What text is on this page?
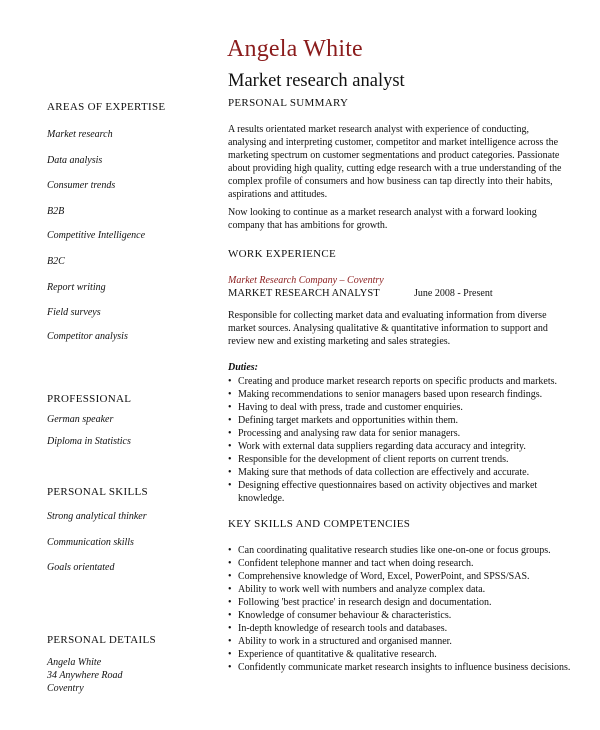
Angela White
Market research analyst
AREAS OF EXPERTISE
Market research
Data analysis
Consumer trends
B2B
Competitive Intelligence
B2C
Report writing
Field surveys
Competitor analysis
PROFESSIONAL
German speaker
Diploma in Statistics
PERSONAL SKILLS
Strong analytical thinker
Communication skills
Goals orientated
PERSONAL DETAILS
Angela White
34 Anywhere Road
Coventry
PERSONAL SUMMARY

A results orientated market research analyst with experience of conducting, analysing and interpreting customer, competitor and market intelligence across the marketing spectrum on customer segmentations and product categories. Passionate about providing high quality, cutting edge research with a true understanding of the complex profile of consumers and how business can tap directly into their habits, aspirations and attitudes.

Now looking to continue as a market research analyst with a forward looking company that has ambitions for growth.

WORK EXPERIENCE
Market Research Company – Coventry
MARKET RESEARCH ANALYST	June 2008 - Present

Responsible for collecting market data and evaluating information from diverse market sources. Analysing qualitative & quantitative information to support and review new and existing marketing and sales strategies.

Duties:
• Creating and produce market research reports on specific products and markets.
• Making recommendations to senior managers based upon research findings.
• Having to deal with press, trade and customer enquiries.
• Defining target markets and opportunities within them.
• Processing and analysing raw data for senior managers.
• Work with external data suppliers regarding data accuracy and integrity.
• Responsible for the development of client reports on current trends.
• Making sure that methods of data collection are effectively and accurate.
• Designing effective questionnaires based on activity objectives and market knowledge.
KEY SKILLS AND COMPETENCIES
• Can coordinating qualitative research studies like one-on-one or focus groups.
• Confident telephone manner and tact when doing research.
• Comprehensive knowledge of Word, Excel, PowerPoint, and SPSS/SAS.
• Ability to work well with numbers and analyze complex data.
• Following 'best practice' in research design and documentation.
• Knowledge of consumer behaviour & characteristics.
• In-depth knowledge of research tools and databases.
• Ability to work in a structured and organised manner.
• Experience of quantitative & qualitative research.
• Confidently communicate market research insights to influence business decisions.
